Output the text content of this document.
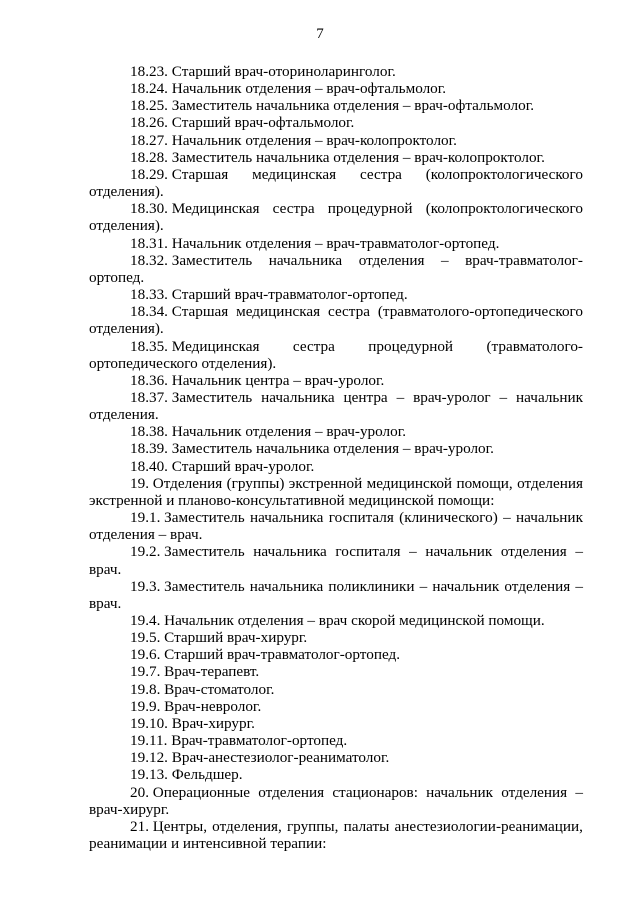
7

18.23. Старший врач-оториноларинголог.

18.24. Начальник отделения – врач-офтальмолог.

18.25. Заместитель начальника отделения – врач-офтальмолог.

18.26. Старший врач-офтальмолог.

18.27. Начальник отделения – врач-колопроктолог.

18.28. Заместитель начальника отделения – врач-колопроктолог.

18.29. Старшая медицинская сестра (колопроктологического

отделения).

18.30. Медицинская сестра процедурной (колопроктологического

отделения).

18.31. Начальник отделения – врач-травматолог-ортопед.

18.32. Заместитель начальника отделения – врач-травматолог-

ортопед.

18.33. Старший врач-травматолог-ортопед.

18.34. Старшая медицинская сестра (травматолого-ортопедического

отделения).

18.35. Медицинская сестра процедурной (травматолого-

ортопедического отделения).

18.36. Начальник центра – врач-уролог.

18.37. Заместитель начальника центра – врач-уролог – начальник

отделения.

18.38. Начальник отделения – врач-уролог.

18.39. Заместитель начальника отделения – врач-уролог.

18.40. Старший врач-уролог.

19. Отделения (группы) экстренной медицинской помощи, отделения

экстренной и планово-консультативной медицинской помощи:

19.1. Заместитель начальника госпиталя (клинического) – начальник

отделения – врач.

19.2. Заместитель начальника госпиталя – начальник отделения –

врач.

19.3. Заместитель начальника поликлиники – начальник отделения –

врач.

19.4. Начальник отделения – врач скорой медицинской помощи.

19.5. Старший врач-хирург.

19.6. Старший врач-травматолог-ортопед.

19.7. Врач-терапевт.

19.8. Врач-стоматолог.

19.9. Врач-невролог.

19.10. Врач-хирург.

19.11. Врач-травматолог-ортопед.

19.12. Врач-анестезиолог-реаниматолог.

19.13. Фельдшер.

20. Операционные отделения стационаров: начальник отделения –

врач-хирург.

21. Центры, отделения, группы, палаты анестезиологии-реанимации,

реанимации и интенсивной терапии:
